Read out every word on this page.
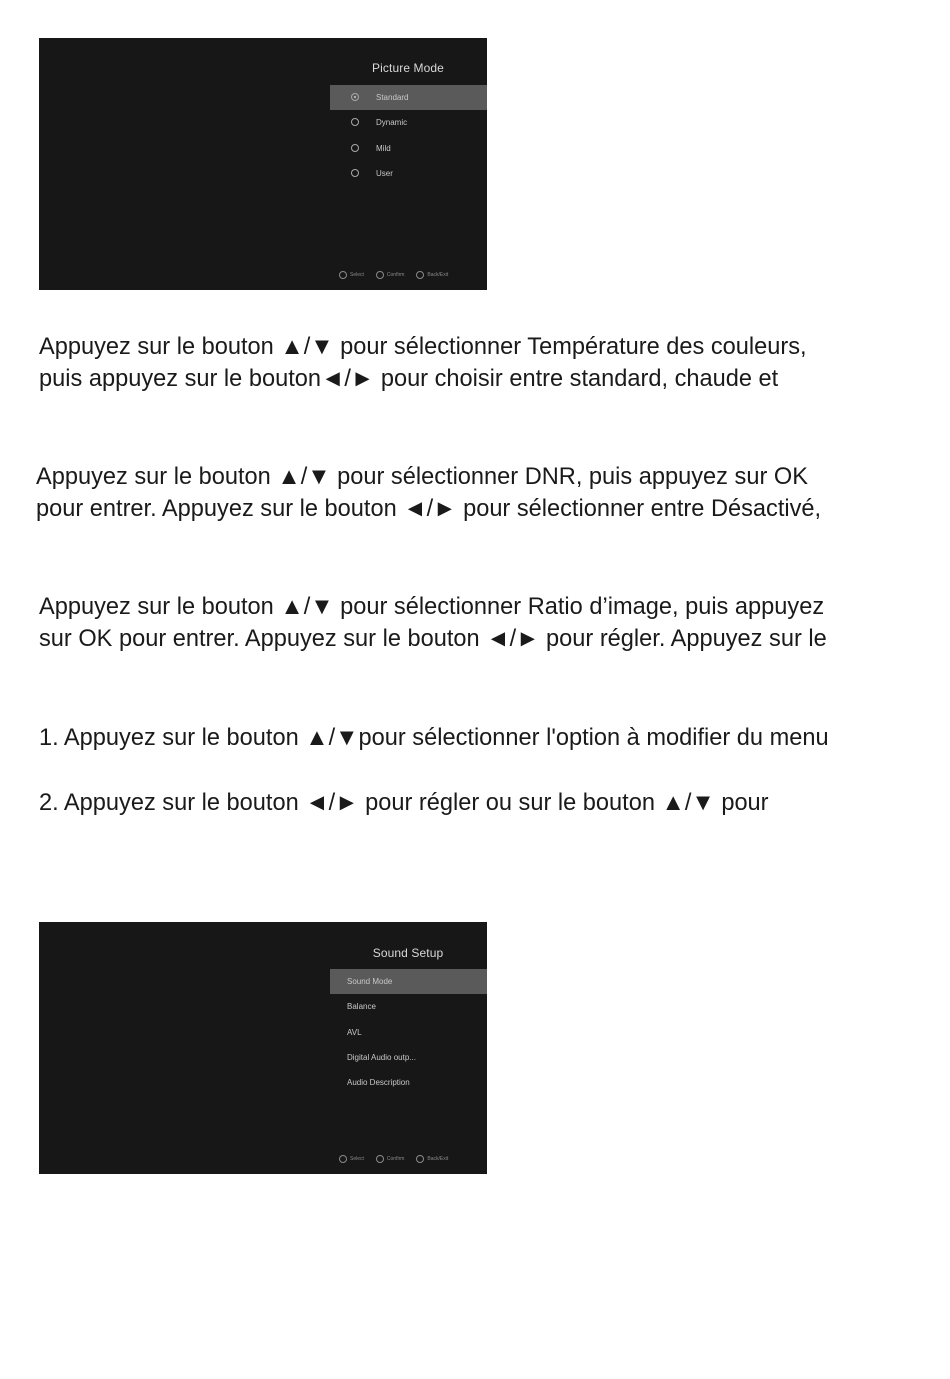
Picture Mode
Standard
Dynamic
Mild
User
Select	Confirm	Back/Exit

Appuyez sur le bouton ▲/▼ pour sélectionner Température des couleurs,

puis appuyez sur le bouton◄/► pour choisir entre standard, chaude et

Appuyez sur le bouton ▲/▼ pour sélectionner DNR, puis appuyez sur OK

pour entrer. Appuyez sur le bouton ◄/► pour sélectionner entre Désactivé,

Appuyez sur le bouton ▲/▼ pour sélectionner Ratio d’image, puis appuyez

sur OK pour entrer. Appuyez sur le bouton ◄/► pour régler. Appuyez sur le

1. Appuyez sur le bouton ▲/▼pour sélectionner l'option à modifier du menu

2. Appuyez sur le bouton ◄/► pour régler ou sur le bouton ▲/▼ pour

Sound Setup
Sound Mode
Balance
AVL
Digital Audio outp...
Audio Description
Select	Confirm	Back/Exit
